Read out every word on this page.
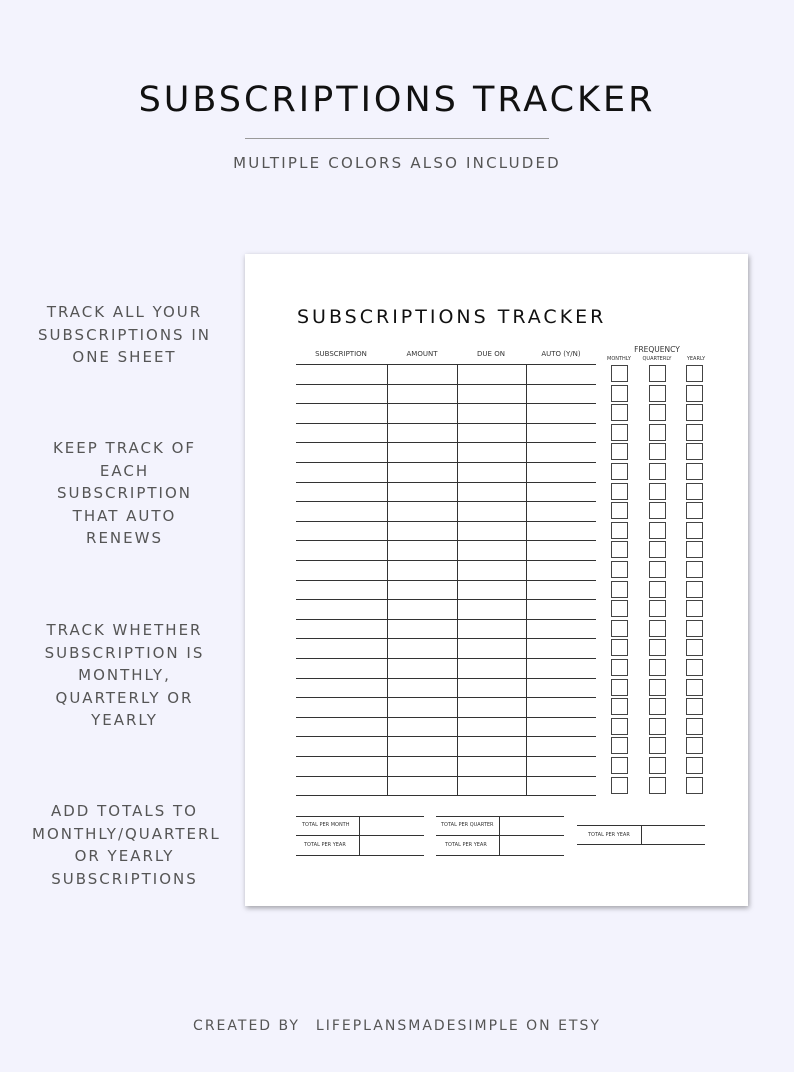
SUBSCRIPTIONS TRACKER
MULTIPLE COLORS ALSO INCLUDED
TRACK ALL YOUR SUBSCRIPTIONS IN ONE SHEET
KEEP TRACK OF EACH SUBSCRIPTION THAT AUTO RENEWS
TRACK WHETHER SUBSCRIPTION IS MONTHLY, QUARTERLY OR YEARLY
ADD TOTALS TO MONTHLY/QUARTERL OR YEARLY SUBSCRIPTIONS
SUBSCRIPTIONS TRACKER
SUBSCRIPTION	AMOUNT	DUE ON	AUTO (Y/N)	FREQUENCY
MONTHLY	QUARTERLY	YEARLY
TOTAL PER MONTH
TOTAL PER YEAR
TOTAL PER QUARTER
TOTAL PER YEAR
TOTAL PER YEAR
CREATED BY LIFEPLANSMADESIMPLE ON ETSY
